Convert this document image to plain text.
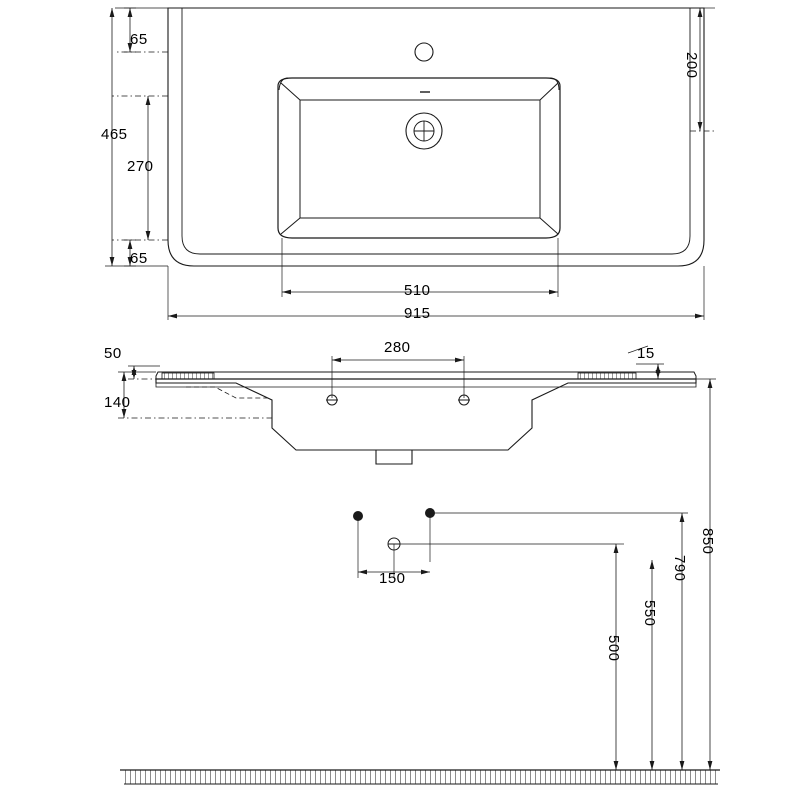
65
465
270
65
200
510
915
50	280	15
140
150
850
790
550
500
